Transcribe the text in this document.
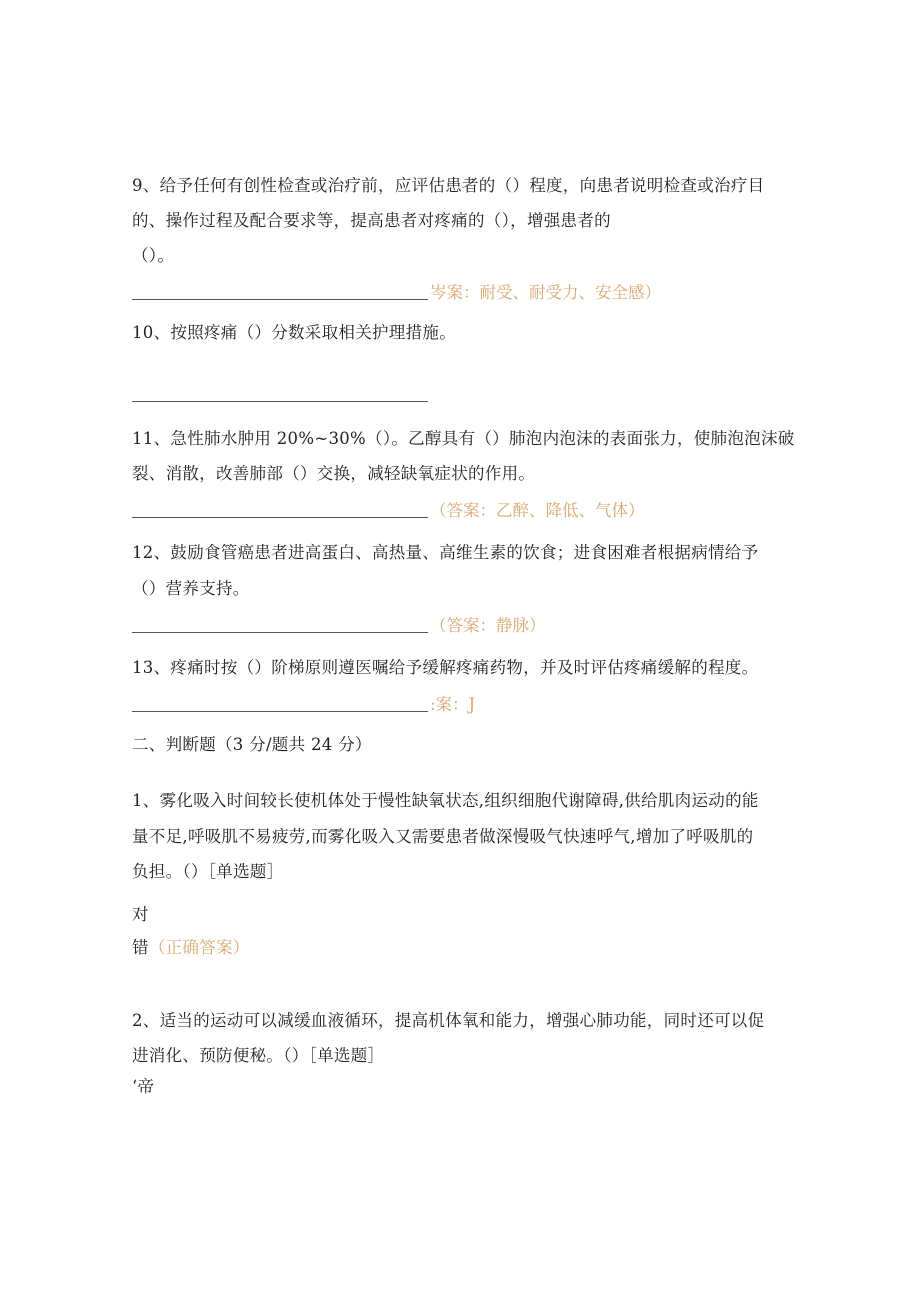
9、给予任何有创性检查或治疗前，应评估患者的（）程度，向患者说明检查或治疗目
的、操作过程及配合要求等，提高患者对疼痛的（），增强患者的
（）。
岑案：耐受、耐受力、安全感）
10、按照疼痛（）分数采取相关护理措施。
11、急性肺水肿用 20%~30%（）。乙醇具有（）肺泡内泡沫的表面张力，使肺泡泡沫破
裂、消散，改善肺部（）交换，减轻缺氧症状的作用。
（答案：乙醉、降低、气体）
12、鼓励食管癌患者进高蛋白、高热量、高维生素的饮食；进食困难者根据病情给予
（）营养支持。
（答案：静脉）
13、疼痛时按（）阶梯原则遵医嘱给予缓解疼痛药物，并及时评估疼痛缓解的程度。
:案：J
二、判断题（3 分/题共 24 分）
1、雾化吸入时间较长使机体处于慢性缺氧状态,组织细胞代谢障碍,供给肌肉运动的能
量不足,呼吸肌不易疲劳,而雾化吸入又需要患者做深慢吸气快速呼气,增加了呼吸肌的
负担。（）［单选题］
对
错（正确答案）
2、适当的运动可以减缓血液循环，提高机体氧和能力，增强心肺功能，同时还可以促
进消化、预防便秘。（）［单选题］
‘帝
